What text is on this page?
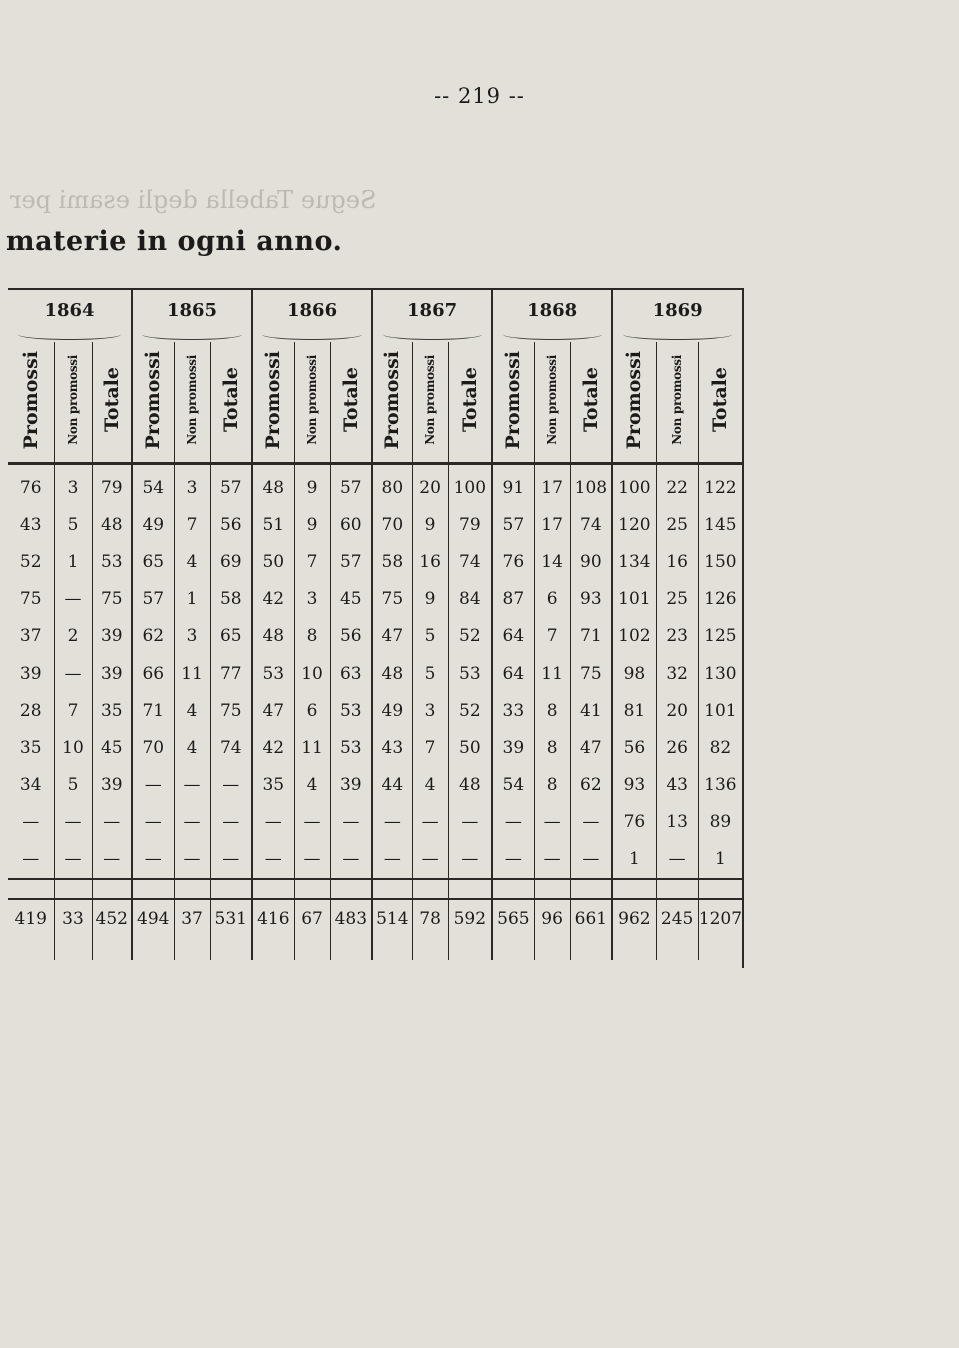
Segue Tabella degli esami per
-- 219 --
materie in ogni anno.
1864			1865			1866			1867			1868			1869		

Promossi	Non promossi	Totale	Promossi	Non promossi	Totale	Promossi	Non promossi	Totale	Promossi	Non promossi	Totale	Promossi	Non promossi	Totale	Promossi	Non promossi	Totale
76	3	79	54	3	57	48	9	57	80	20	100	91	17	108	100	22	122
43	5	48	49	7	56	51	9	60	70	9	79	57	17	74	120	25	145
52	1	53	65	4	69	50	7	57	58	16	74	76	14	90	134	16	150
75	—	75	57	1	58	42	3	45	75	9	84	87	6	93	101	25	126
37	2	39	62	3	65	48	8	56	47	5	52	64	7	71	102	23	125
39	—	39	66	11	77	53	10	63	48	5	53	64	11	75	98	32	130
28	7	35	71	4	75	47	6	53	49	3	52	33	8	41	81	20	101
35	10	45	70	4	74	42	11	53	43	7	50	39	8	47	56	26	82
34	5	39	—	—	—	35	4	39	44	4	48	54	8	62	93	43	136
—	—	—	—	—	—	—	—	—	—	—	—	—	—	—	76	13	89
—	—	—	—	—	—	—	—	—	—	—	—	—	—	—	1	—	1

419	33	452	494	37	531	416	67	483	514	78	592	565	96	661	962	245	1207
